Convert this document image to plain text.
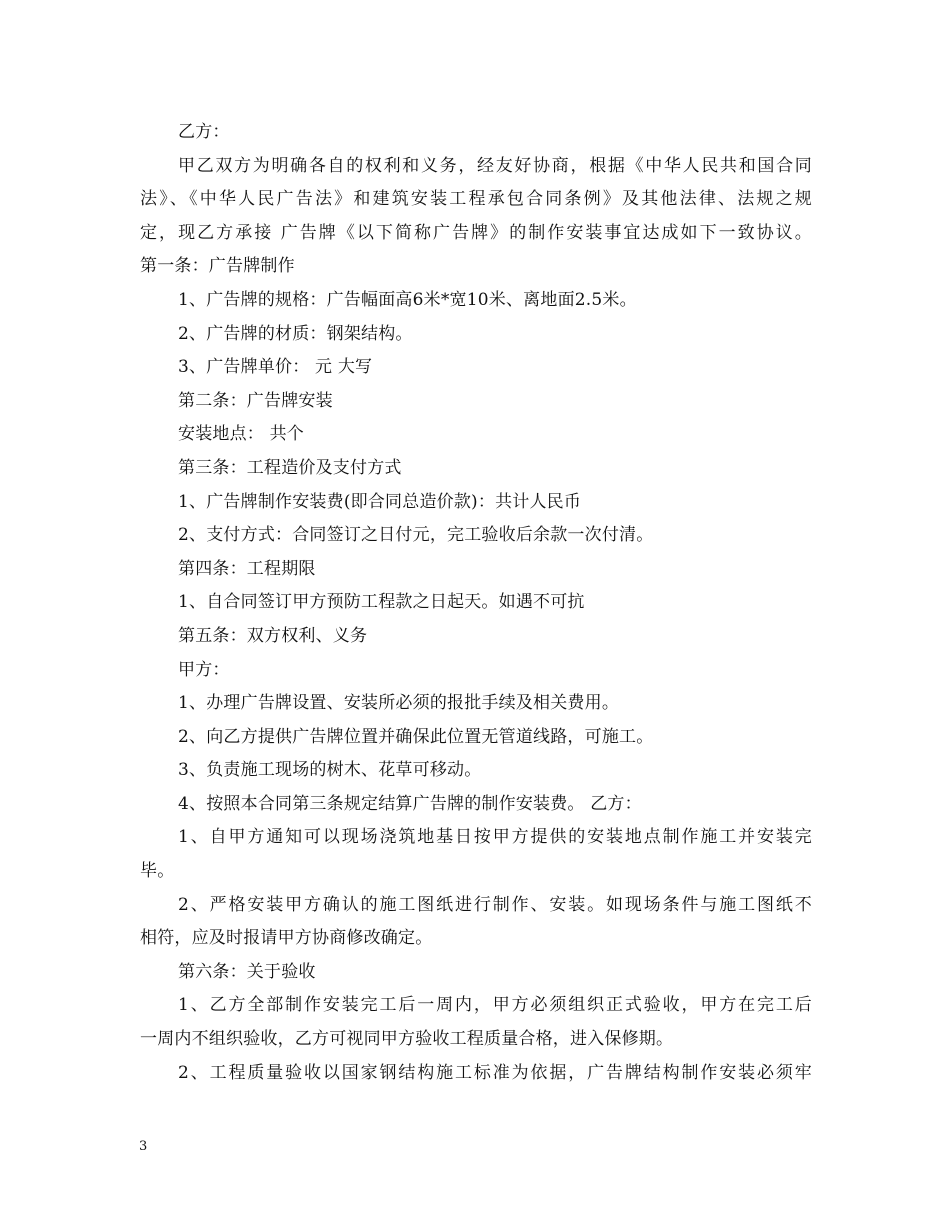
乙方：
甲乙双方为明确各自的权利和义务，经友好协商，根据《中华人民共和国合同
法》、《中华人民广告法》和建筑安装工程承包合同条例》及其他法律、法规之规
定，现乙方承接 广告牌《以下简称广告牌》的制作安装事宜达成如下一致协议。
第一条：广告牌制作
1、广告牌的规格：广告幅面高6米*宽10米、离地面2.5米。
2、广告牌的材质：钢架结构。
3、广告牌单价： 元 大写
第二条：广告牌安装
安装地点： 共个
第三条：工程造价及支付方式
1、广告牌制作安装费(即合同总造价款)：共计人民币
2、支付方式：合同签订之日付元，完工验收后余款一次付清。
第四条：工程期限
1、自合同签订甲方预防工程款之日起天。如遇不可抗
第五条：双方权利、义务
甲方：
1、办理广告牌设置、安装所必须的报批手续及相关费用。
2、向乙方提供广告牌位置并确保此位置无管道线路，可施工。
3、负责施工现场的树木、花草可移动。
4、按照本合同第三条规定结算广告牌的制作安装费。 乙方：
1、自甲方通知可以现场浇筑地基日按甲方提供的安装地点制作施工并安装完
毕。
2、严格安装甲方确认的施工图纸进行制作、安装。如现场条件与施工图纸不
相符，应及时报请甲方协商修改确定。
第六条：关于验收
1、乙方全部制作安装完工后一周内，甲方必须组织正式验收，甲方在完工后
一周内不组织验收，乙方可视同甲方验收工程质量合格，进入保修期。
2、工程质量验收以国家钢结构施工标准为依据，广告牌结构制作安装必须牢
3
